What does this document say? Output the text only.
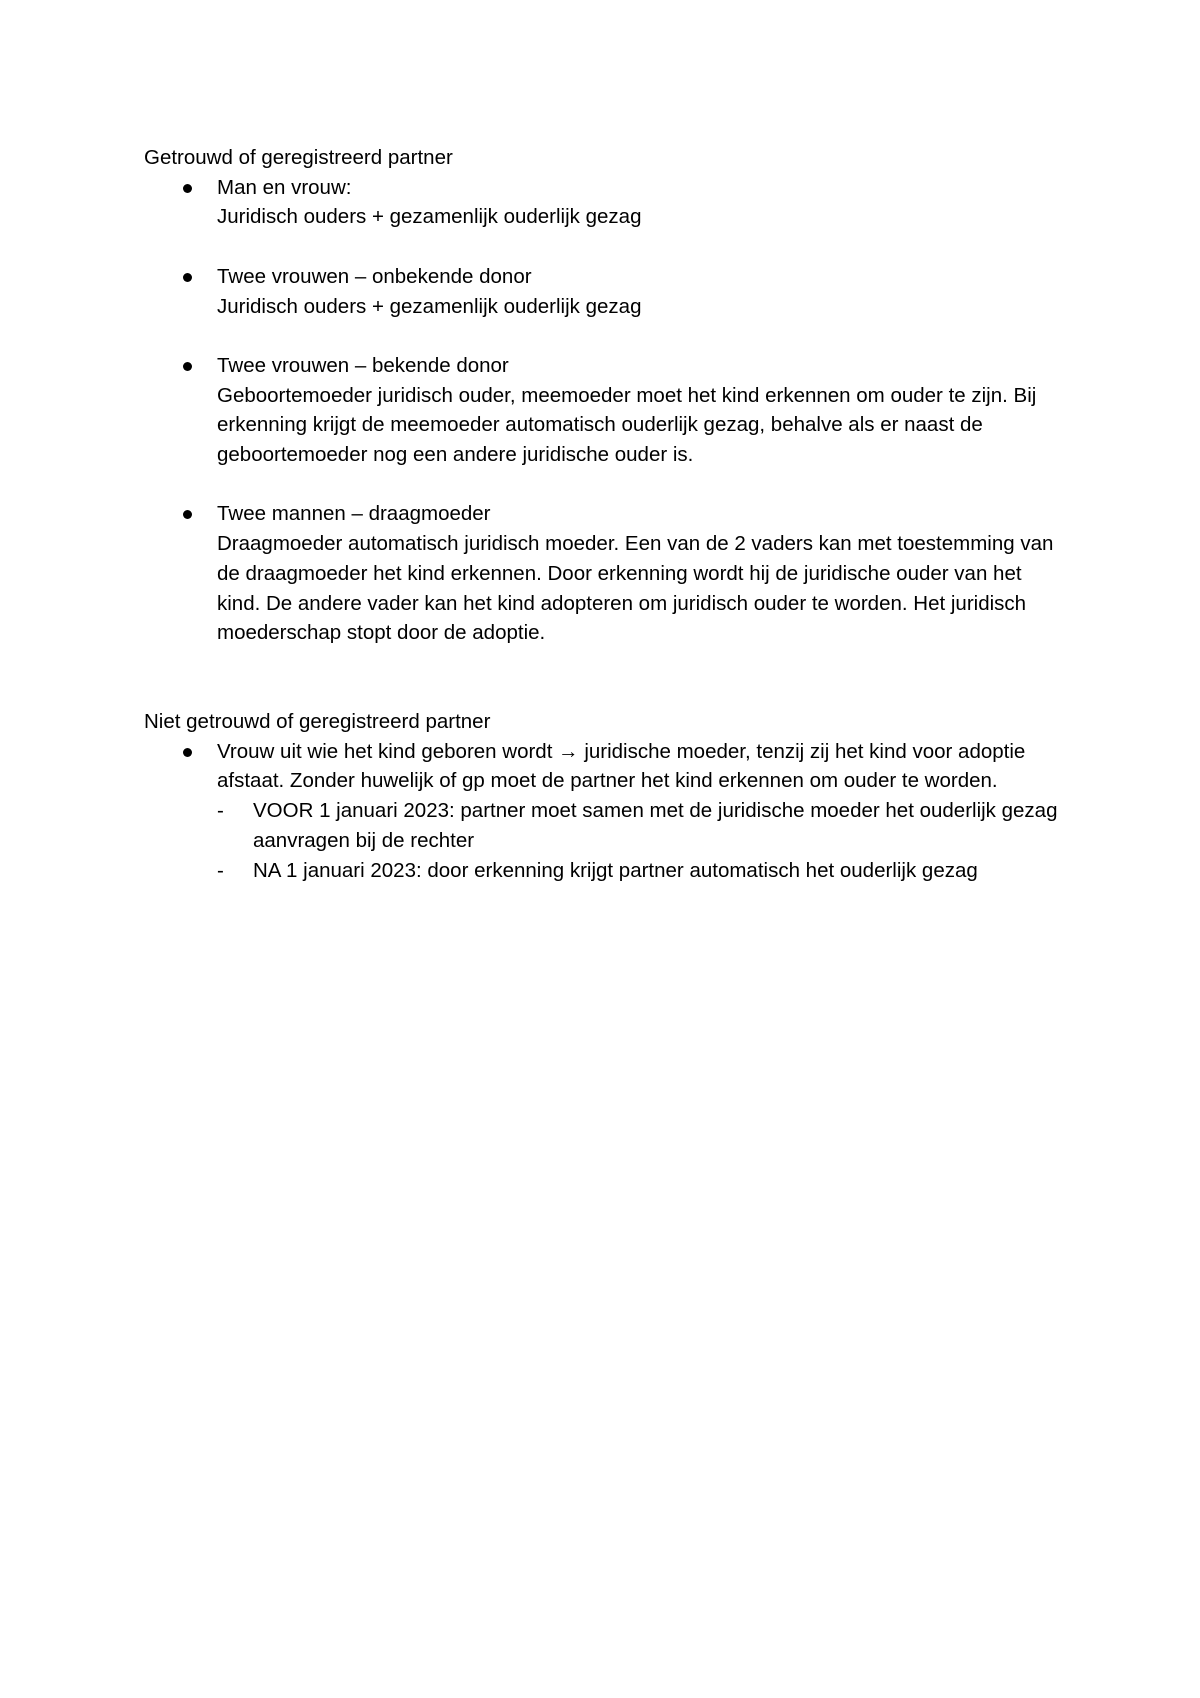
Getrouwd of geregistreerd partner

Man en vrouw:
Juridisch ouders + gezamenlijk ouderlijk gezag
Twee vrouwen – onbekende donor
Juridisch ouders + gezamenlijk ouderlijk gezag
Twee vrouwen – bekende donor
Geboortemoeder juridisch ouder, meemoeder moet het kind erkennen om ouder te zijn. Bij erkenning krijgt de meemoeder automatisch ouderlijk gezag, behalve als er naast de geboortemoeder nog een andere juridische ouder is.
Twee mannen – draagmoeder
Draagmoeder automatisch juridisch moeder. Een van de 2 vaders kan met toestemming van de draagmoeder het kind erkennen. Door erkenning wordt hij de juridische ouder van het kind. De andere vader kan het kind adopteren om juridisch ouder te worden. Het juridisch moederschap stopt door de adoptie.

Niet getrouwd of geregistreerd partner

Vrouw uit wie het kind geboren wordt → juridische moeder, tenzij zij het kind voor adoptie afstaat. Zonder huwelijk of gp moet de partner het kind erkennen om ouder te worden.
- VOOR 1 januari 2023: partner moet samen met de juridische moeder het ouderlijk gezag aanvragen bij de rechter
- NA 1 januari 2023: door erkenning krijgt partner automatisch het ouderlijk gezag
